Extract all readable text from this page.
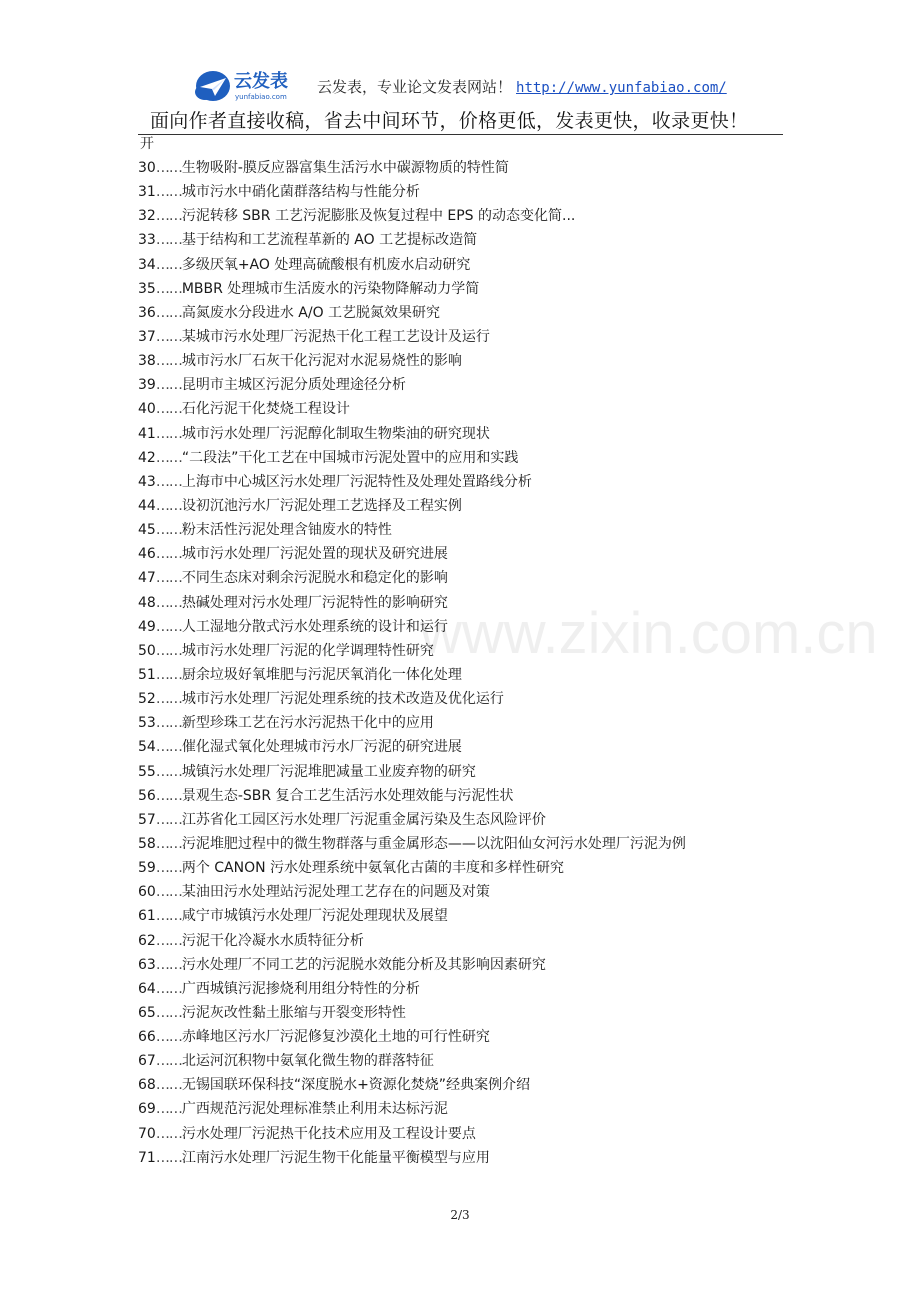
云发表
yunfabiao.com
云发表，专业论文发表网站！ http://www.yunfabiao.com/
面向作者直接收稿，省去中间环节，价格更低，发表更快，收录更快！
开
30……生物吸附-膜反应器富集生活污水中碳源物质的特性简
31……城市污水中硝化菌群落结构与性能分析
32……污泥转移 SBR 工艺污泥膨胀及恢复过程中 EPS 的动态变化简...
33……基于结构和工艺流程革新的 AO 工艺提标改造简
34……多级厌氧+AO 处理高硫酸根有机废水启动研究
35……MBBR 处理城市生活废水的污染物降解动力学简
36……高氮废水分段进水 A/O 工艺脱氮效果研究
37……某城市污水处理厂污泥热干化工程工艺设计及运行
38……城市污水厂石灰干化污泥对水泥易烧性的影响
39……昆明市主城区污泥分质处理途径分析
40……石化污泥干化焚烧工程设计
41……城市污水处理厂污泥醇化制取生物柴油的研究现状
42……“二段法”干化工艺在中国城市污泥处置中的应用和实践
43……上海市中心城区污水处理厂污泥特性及处理处置路线分析
44……设初沉池污水厂污泥处理工艺选择及工程实例
45……粉末活性污泥处理含铀废水的特性
46……城市污水处理厂污泥处置的现状及研究进展
47……不同生态床对剩余污泥脱水和稳定化的影响
48……热碱处理对污水处理厂污泥特性的影响研究
49……人工湿地分散式污水处理系统的设计和运行
50……城市污水处理厂污泥的化学调理特性研究
51……厨余垃圾好氧堆肥与污泥厌氧消化一体化处理
52……城市污水处理厂污泥处理系统的技术改造及优化运行
53……新型珍珠工艺在污水污泥热干化中的应用
54……催化湿式氧化处理城市污水厂污泥的研究进展
55……城镇污水处理厂污泥堆肥减量工业废弃物的研究
56……景观生态-SBR 复合工艺生活污水处理效能与污泥性状
57……江苏省化工园区污水处理厂污泥重金属污染及生态风险评价
58……污泥堆肥过程中的微生物群落与重金属形态——以沈阳仙女河污水处理厂污泥为例
59……两个 CANON 污水处理系统中氨氧化古菌的丰度和多样性研究
60……某油田污水处理站污泥处理工艺存在的问题及对策
61……咸宁市城镇污水处理厂污泥处理现状及展望
62……污泥干化冷凝水水质特征分析
63……污水处理厂不同工艺的污泥脱水效能分析及其影响因素研究
64……广西城镇污泥掺烧利用组分特性的分析
65……污泥灰改性黏土胀缩与开裂变形特性
66……赤峰地区污水厂污泥修复沙漠化土地的可行性研究
67……北运河沉积物中氨氧化微生物的群落特征
68……无锡国联环保科技“深度脱水+资源化焚烧”经典案例介绍
69……广西规范污泥处理标准禁止利用未达标污泥
70……污水处理厂污泥热干化技术应用及工程设计要点
71……江南污水处理厂污泥生物干化能量平衡模型与应用
www.zixin.com.cn
2/3
